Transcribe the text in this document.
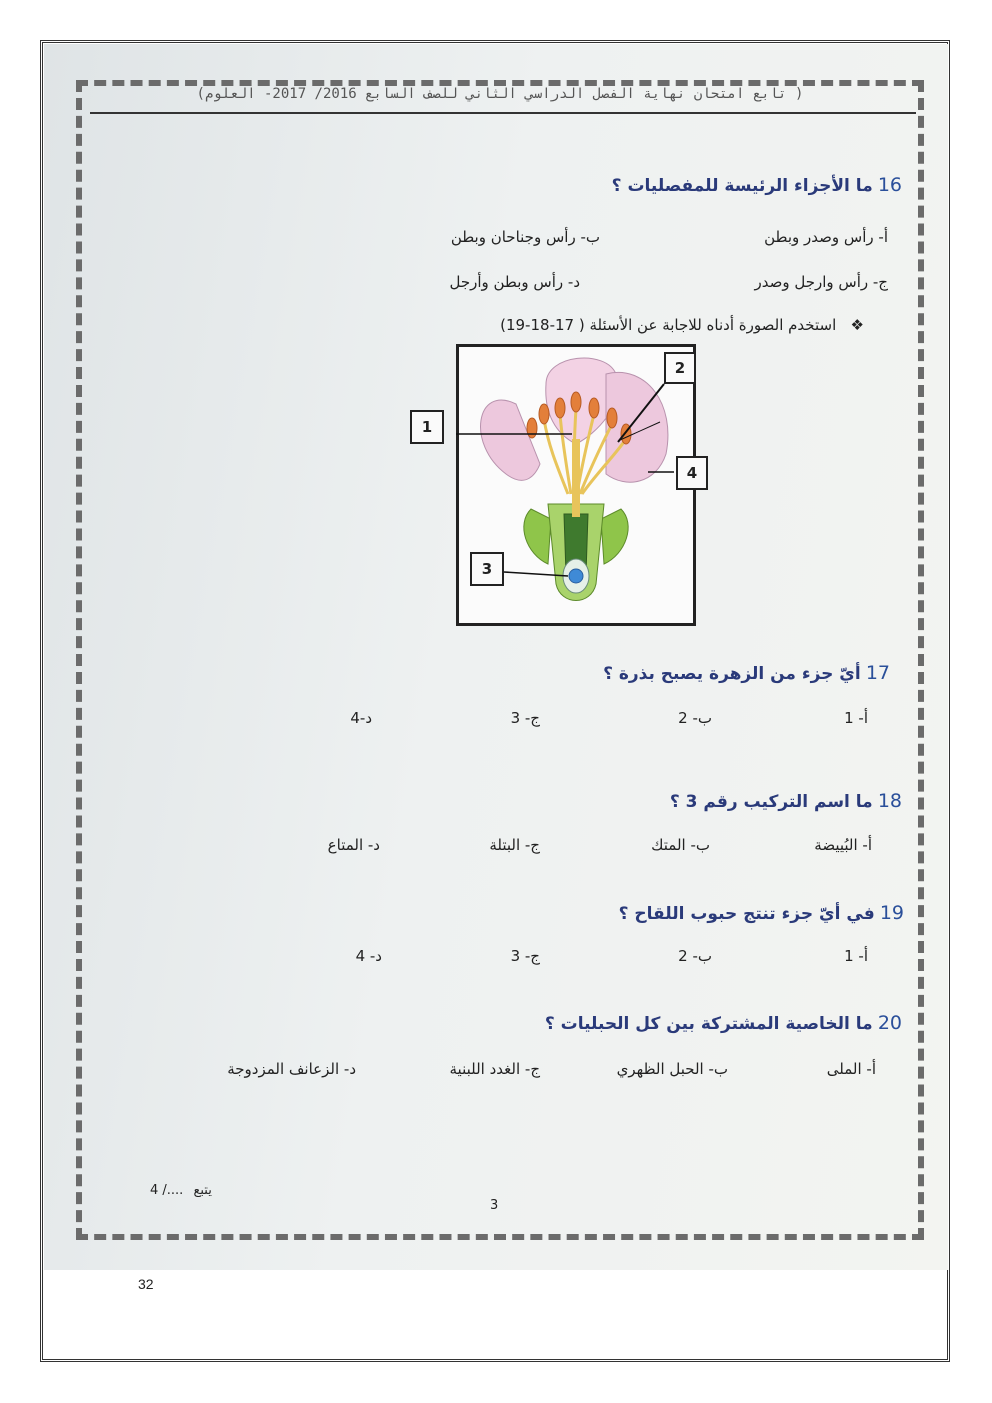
( تابع امتحان نهاية الفصل الدراسي الثاني للصف السابع 2016/ 2017- العلوم)
16 ما الأجزاء الرئيسة للمفصليات ؟
أ- رأس وصدر وبطن
ب- رأس وجناحان وبطن
ج- رأس وارجل وصدر
د- رأس وبطن وأرجل
❖   استخدم الصورة أدناه للاجابة عن الأسئلة ( 17-18-19)
1
2
3
4
17 أيّ جزء من الزهرة يصبح بذرة ؟
أ- 1
ب- 2
ج- 3
د-4
18 ما اسم التركيب رقم 3 ؟
أ- البُييضة
ب- المتك
ج- البتلة
د- المتاع
19 في أيّ جزء تنتج حبوب اللقاح ؟
أ- 1
ب- 2
ج- 3
د- 4
20 ما الخاصية المشتركة بين كل الحبليات ؟
أ- الملى
ب- الحبل الظهري
ج- الغدد اللبنية
د- الزعانف المزدوجة
4 /.... يتبع
3
32
